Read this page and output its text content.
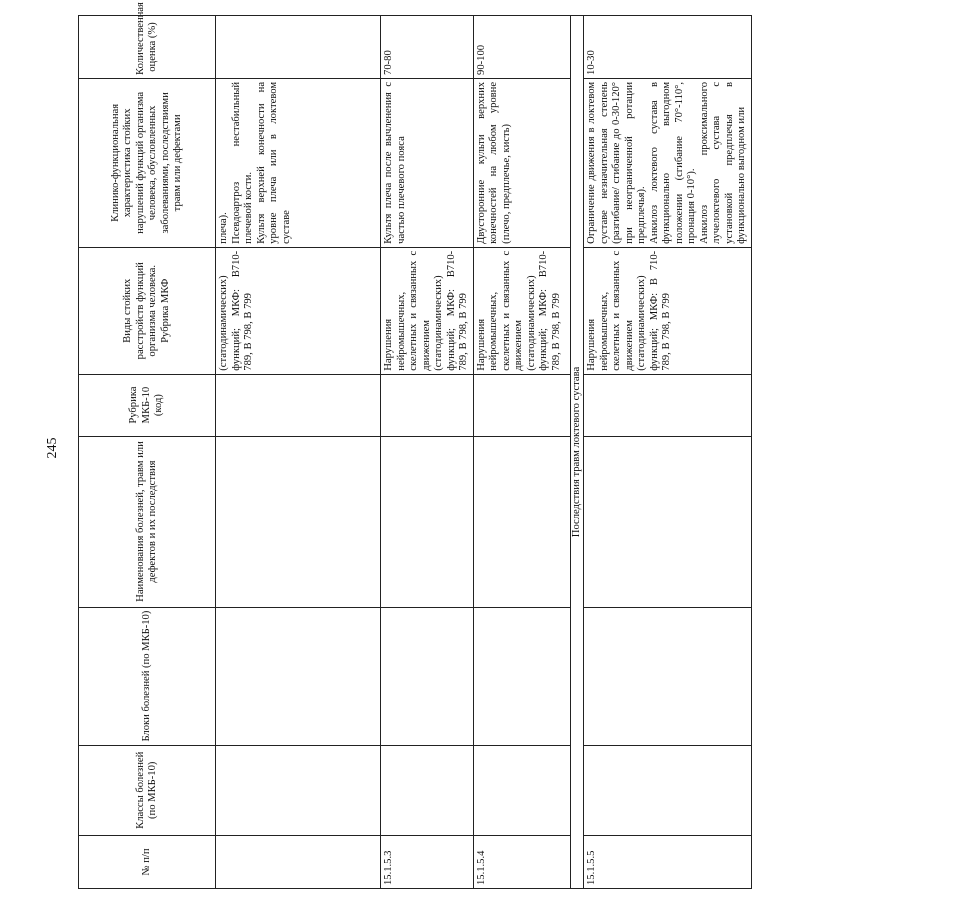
245
№ п/п	Классы болезней (по МКБ-10)	Блоки болезней (по МКБ-10)	Наименования болезней, травм или дефектов и их последствия	Рубрика МКБ-10 (код)	Виды стойких расстройств функций организма человека. Рубрика МКФ	Клинико-функциональная характеристика стойких нарушений функций организма человека, обусловленных заболеваниями, последствиями травм или дефектами	Количественная оценка (%)
					(статодинамических) функций; МКФ: В710-789, В 798, В 799	плеча). Псевдоартроз нестабильный плечевой кости. Культя верхней конечности на уровне плеча или в локтевом суставе	

15.1.5.3					Нарушения нейромышечных, скелетных и связанных с движением (статодинамических) функций; МКФ: В710-789, В 798, В 799	Культя плеча после вычленения с частью плечевого пояса	70-80
15.1.5.4					Нарушения нейромышечных, скелетных и связанных с движением (статодинамических) функций; МКФ: В710-789, В 798, В 799	Двусторонние культи верхних конечностей на любом уровне (плечо, предплечье, кисть)	90-100
Последствия травм локтевого сустава							
15.1.5.5					Нарушения нейромышечных, скелетных и связанных с движением (статодинамических) функций; МКФ: В 710-789, В 798, В 799	Ограничение движения в локтевом суставе незначительная степень (разгибание/ сгибание до 0-30-120° при неограниченной ротации предплечья). Анкилоз локтевого сустава в функционально выгодном положении (сгибание 70°-110°, пронация 0-10°). Анкилоз проксимального лучелоктевого сустава с установкой предплечья в функционально выгодном или	10-30
